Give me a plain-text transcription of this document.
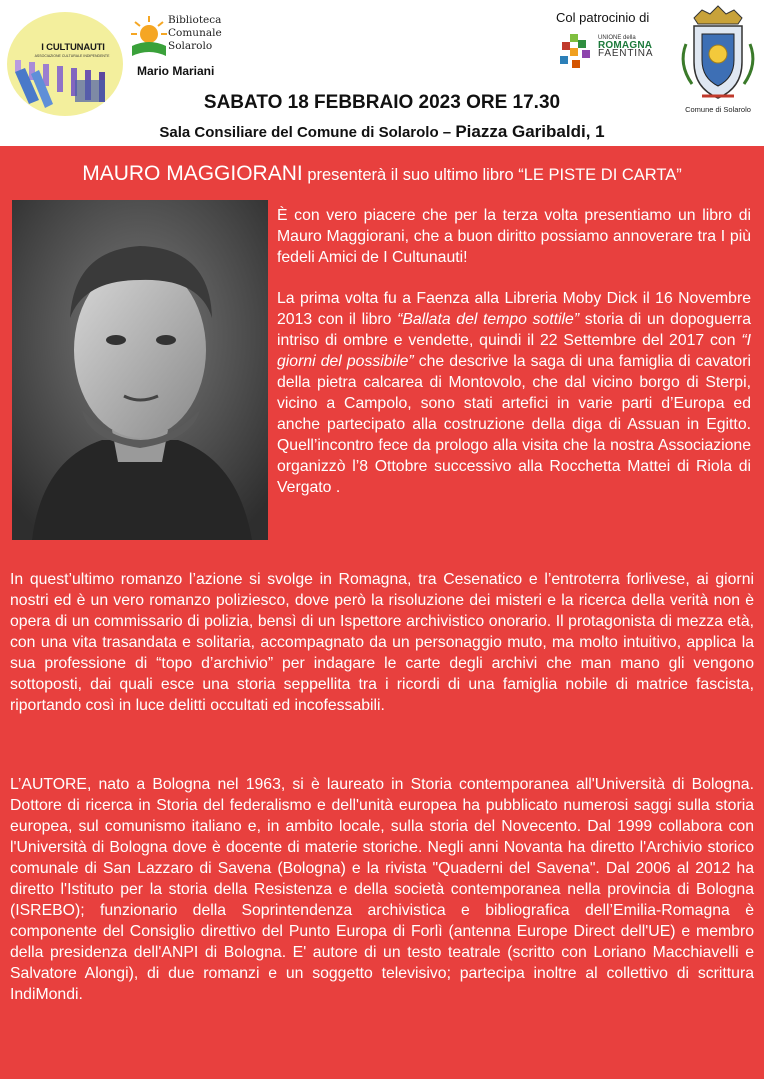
I CULTUNAUTI
ASSOCIAZIONE CULTURALE INDIPENDENTE
Biblioteca
Comunale
Solarolo
Mario Mariani
Col patrocinio di
UNIONE della
ROMAGNA
FAENTINA
Comune di Solarolo
SABATO 18 FEBBRAIO 2023 ORE 17.30
Sala Consiliare del Comune di Solarolo – Piazza Garibaldi, 1
MAURO MAGGIORANI presenterà il suo ultimo libro “LE PISTE DI CARTA”
È con vero piacere che per la terza volta presentiamo un libro di Mauro Maggiorani, che a buon diritto possiamo annoverare tra I più fedeli Amici de I Cultunauti!
La prima volta fu a Faenza alla Libreria Moby Dick il 16 Novembre 2013 con il libro “Ballata del tempo sottile” storia di un dopoguerra intriso di ombre e vendette, quindi il 22 Settembre del 2017 con “I giorni del possibile” che descrive la saga di una famiglia di cavatori della pietra calcarea di Montovolo, che dal vicino borgo di Sterpi, vicino a Campolo, sono stati artefici in varie parti d’Europa ed anche partecipato alla costruzione della diga di Assuan in Egitto. Quell’incontro fece da prologo alla visita che la nostra Associazione organizzò l’8 Ottobre successivo alla Rocchetta Mattei di Riola di Vergato .
In quest’ultimo romanzo l’azione si svolge in Romagna, tra Cesenatico e l’entroterra forlivese, ai giorni nostri ed è un vero romanzo poliziesco, dove però la risoluzione dei misteri e la ricerca della verità non è opera di un commissario di polizia, bensì di un Ispettore archivistico onorario. Il protagonista di mezza età, con una vita trasandata e solitaria, accompagnato da un personaggio muto, ma molto intuitivo, applica la sua professione di “topo d’archivio” per indagare le carte degli archivi che man mano gli vengono sottoposti, dai quali esce una storia seppellita tra i ricordi di una famiglia nobile di matrice fascista, riportando così in luce delitti occultati ed incofessabili.
L’AUTORE, nato a Bologna nel 1963, si è laureato in Storia contemporanea all'Università di Bologna. Dottore di ricerca in Storia del federalismo e dell'unità europea ha pubblicato numerosi saggi sulla storia europea, sul comunismo italiano e, in ambito locale, sulla storia del Novecento. Dal 1999 collabora con l'Università di Bologna dove è docente di materie storiche. Negli anni Novanta ha diretto l'Archivio storico comunale di San Lazzaro di Savena (Bologna) e la rivista "Quaderni del Savena". Dal 2006 al 2012 ha diretto l'Istituto per la storia della Resistenza e della società contemporanea nella provincia di Bologna (ISREBO); funzionario della Soprintendenza archivistica e bibliografica dell’Emilia-Romagna è componente del Consiglio direttivo del Punto Europa di Forlì (antenna Europe Direct dell'UE) e membro della presidenza dell'ANPI di Bologna. E' autore di un testo teatrale (scritto con Loriano Macchiavelli e Salvatore Alongi), di due romanzi e un soggetto televisivo; partecipa inoltre al collettivo di scrittura IndiMondi.
